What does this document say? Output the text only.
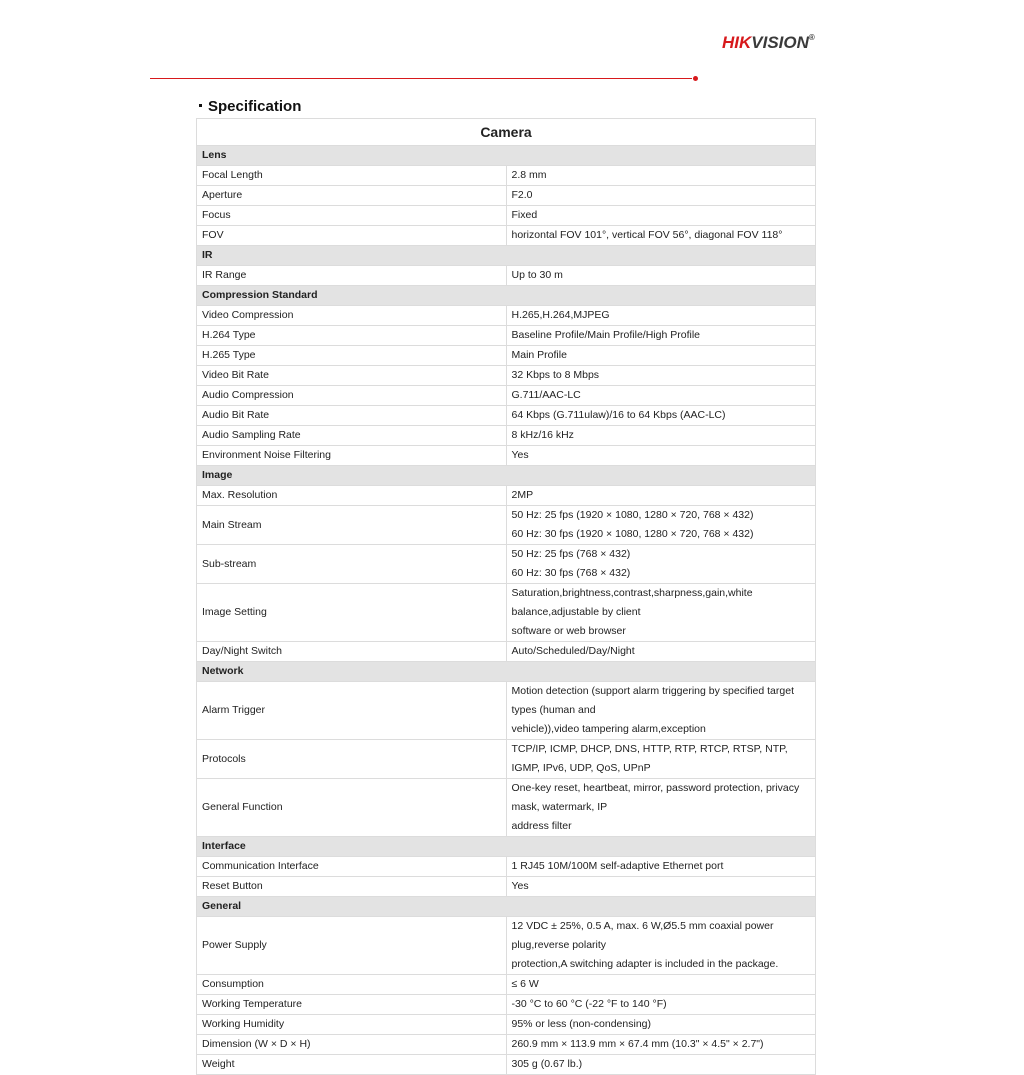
HIKVISION®
Specification
Camera	
Lens	
Focal Length	2.8 mm

Aperture	F2.0

Focus	Fixed

FOV	horizontal FOV 101°, vertical FOV 56°, diagonal FOV 118°

IR	
IR Range	Up to 30 m

Compression Standard	
Video Compression	H.265,H.264,MJPEG

H.264 Type	Baseline Profile/Main Profile/High Profile

H.265 Type	Main Profile

Video Bit Rate	32 Kbps to 8 Mbps

Audio Compression	G.711/AAC-LC

Audio Bit Rate	64 Kbps (G.711ulaw)/16 to 64 Kbps (AAC-LC)

Audio Sampling Rate	8 kHz/16 kHz

Environment Noise Filtering	Yes

Image	
Max. Resolution	2MP

Main Stream	50 Hz: 25 fps (1920 × 1080, 1280 × 720, 768 × 432)
60 Hz: 30 fps (1920 × 1080, 1280 × 720, 768 × 432)

Sub-stream	50 Hz: 25 fps (768 × 432)
60 Hz: 30 fps (768 × 432)

Image Setting	Saturation,brightness,contrast,sharpness,gain,white balance,adjustable by client
software or web browser

Day/Night Switch	Auto/Scheduled/Day/Night

Network	
Alarm Trigger	Motion detection (support alarm triggering by specified target types (human and
vehicle)),video tampering alarm,exception

Protocols	TCP/IP, ICMP, DHCP, DNS, HTTP, RTP, RTCP, RTSP, NTP, IGMP, IPv6, UDP, QoS, UPnP

General Function	One-key reset, heartbeat, mirror, password protection, privacy mask, watermark, IP
address filter

Interface	
Communication Interface	1 RJ45 10M/100M self-adaptive Ethernet port

Reset Button	Yes

General	
Power Supply	12 VDC ± 25%, 0.5 A, max. 6 W,Ø5.5 mm coaxial power plug,reverse polarity
protection,A switching adapter is included in the package.

Consumption	≤ 6 W

Working Temperature	-30 °C to 60 °C (-22 °F to 140 °F)

Working Humidity	95% or less (non-condensing)

Dimension (W × D × H)	260.9 mm × 113.9 mm × 67.4 mm (10.3" × 4.5" × 2.7")

Weight	305 g (0.67 lb.)
